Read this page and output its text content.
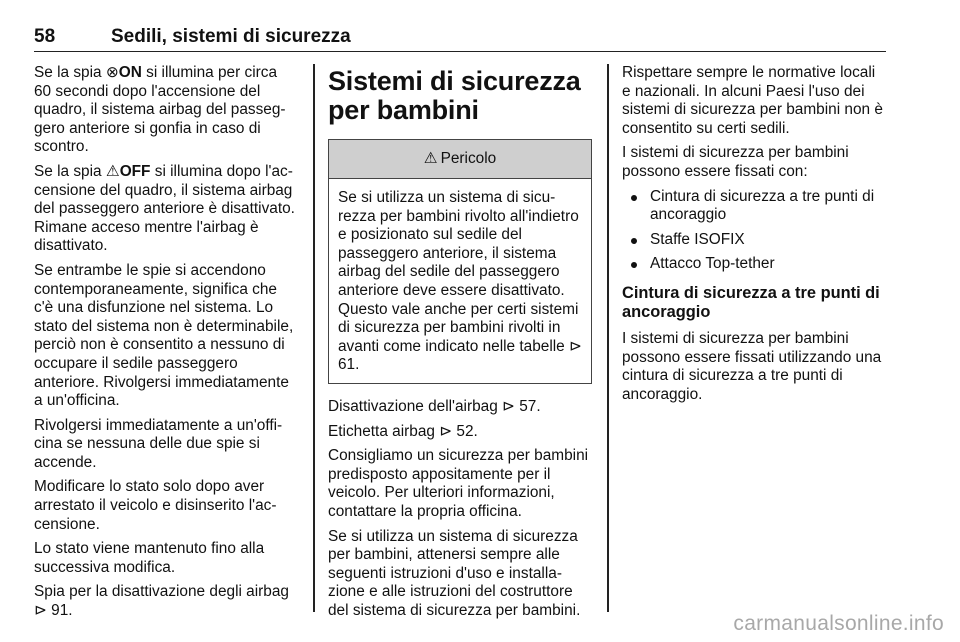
58	Sedili, sistemi di sicurezza

Se la spia ⊗ON si illumina per circa 60 secondi dopo l'accensione del quadro, il sistema airbag del passeggero anteriore si gonfia in caso di scontro.

Se la spia ⚠OFF si illumina dopo l'accensione del quadro, il sistema airbag del passeggero anteriore è disattivato. Rimane acceso mentre l'airbag è disattivato.

Se entrambe le spie si accendono contemporaneamente, significa che c'è una disfunzione nel sistema. Lo stato del sistema non è determinabile, perciò non è consentito a nessuno di occupare il sedile passeggero anteriore. Rivolgersi immediatamente a un'officina.

Rivolgersi immediatamente a un'officina se nessuna delle due spie si accende.

Modificare lo stato solo dopo aver arrestato il veicolo e disinserito l'accensione.

Lo stato viene mantenuto fino alla successiva modifica.

Spia per la disattivazione degli airbag ⊳ 91.

Sistemi di sicurezza per bambini
⚠ Pericolo
Se si utilizza un sistema di sicurezza per bambini rivolto all'indietro e posizionato sul sedile del passeggero anteriore, il sistema airbag del sedile del passeggero anteriore deve essere disattivato. Questo vale anche per certi sistemi di sicurezza per bambini rivolti in avanti come indicato nelle tabelle ⊳ 61.

Disattivazione dell'airbag ⊳ 57.

Etichetta airbag ⊳ 52.

Consigliamo un sicurezza per bambini predisposto appositamente per il veicolo. Per ulteriori informazioni, contattare la propria officina.

Se si utilizza un sistema di sicurezza per bambini, attenersi sempre alle seguenti istruzioni d'uso e installazione e alle istruzioni del costruttore del sistema di sicurezza per bambini.

Rispettare sempre le normative locali e nazionali. In alcuni Paesi l'uso dei sistemi di sicurezza per bambini non è consentito su certi sedili.

I sistemi di sicurezza per bambini possono essere fissati con:

Cintura di sicurezza a tre punti di ancoraggio
Staffe ISOFIX
Attacco Top-tether
Cintura di sicurezza a tre punti di ancoraggio

I sistemi di sicurezza per bambini possono essere fissati utilizzando una cintura di sicurezza a tre punti di ancoraggio.

carmanualsonline.info
